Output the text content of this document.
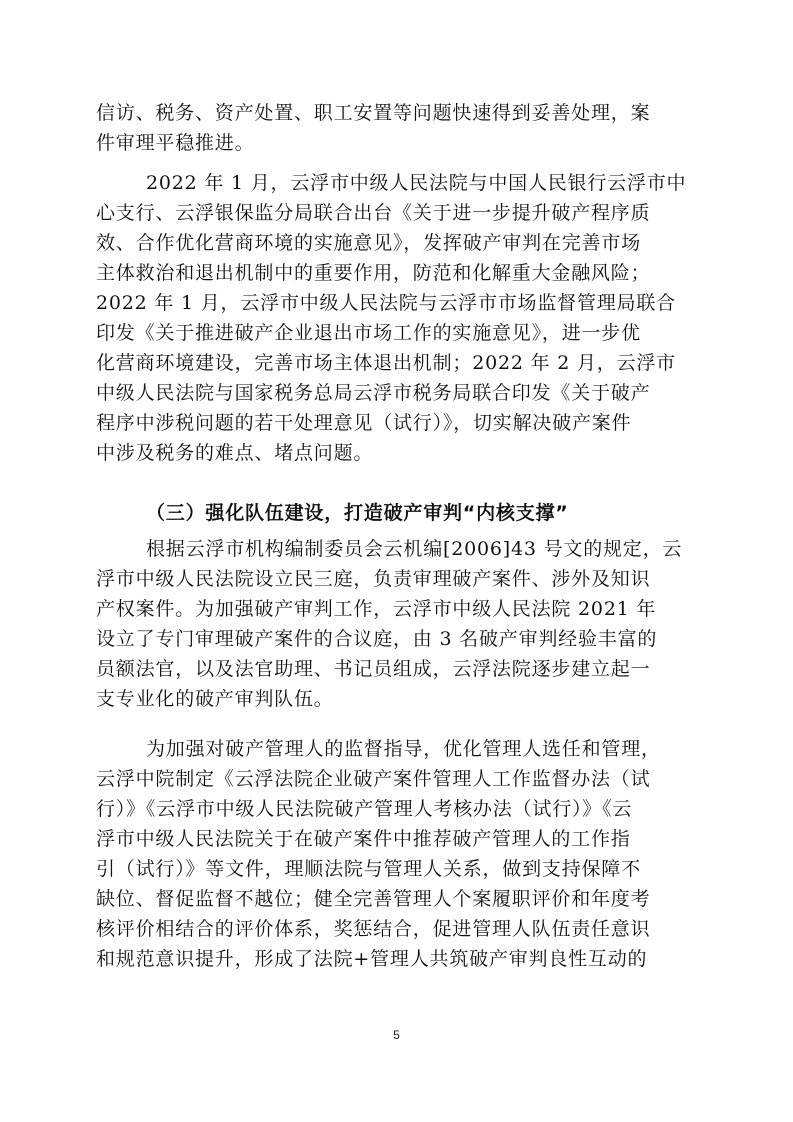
信访、税务、资产处置、职工安置等问题快速得到妥善处理，案
件审理平稳推进。
2022 年 1 月，云浮市中级人民法院与中国人民银行云浮市中
心支行、云浮银保监分局联合出台《关于进一步提升破产程序质
效、合作优化营商环境的实施意见》，发挥破产审判在完善市场
主体救治和退出机制中的重要作用，防范和化解重大金融风险；
2022 年 1 月，云浮市中级人民法院与云浮市市场监督管理局联合
印发《关于推进破产企业退出市场工作的实施意见》，进一步优
化营商环境建设，完善市场主体退出机制；2022 年 2 月，云浮市
中级人民法院与国家税务总局云浮市税务局联合印发《关于破产
程序中涉税问题的若干处理意见（试行）》，切实解决破产案件
中涉及税务的难点、堵点问题。
（三）强化队伍建设，打造破产审判“内核支撑”
根据云浮市机构编制委员会云机编[2006]43 号文的规定，云
浮市中级人民法院设立民三庭，负责审理破产案件、涉外及知识
产权案件。为加强破产审判工作，云浮市中级人民法院 2021 年
设立了专门审理破产案件的合议庭，由 3 名破产审判经验丰富的
员额法官，以及法官助理、书记员组成，云浮法院逐步建立起一
支专业化的破产审判队伍。
为加强对破产管理人的监督指导，优化管理人选任和管理，
云浮中院制定《云浮法院企业破产案件管理人工作监督办法（试
行）》《云浮市中级人民法院破产管理人考核办法（试行）》《云
浮市中级人民法院关于在破产案件中推荐破产管理人的工作指
引（试行）》等文件，理顺法院与管理人关系，做到支持保障不
缺位、督促监督不越位；健全完善管理人个案履职评价和年度考
核评价相结合的评价体系，奖惩结合，促进管理人队伍责任意识
和规范意识提升，形成了法院+管理人共筑破产审判良性互动的
5
